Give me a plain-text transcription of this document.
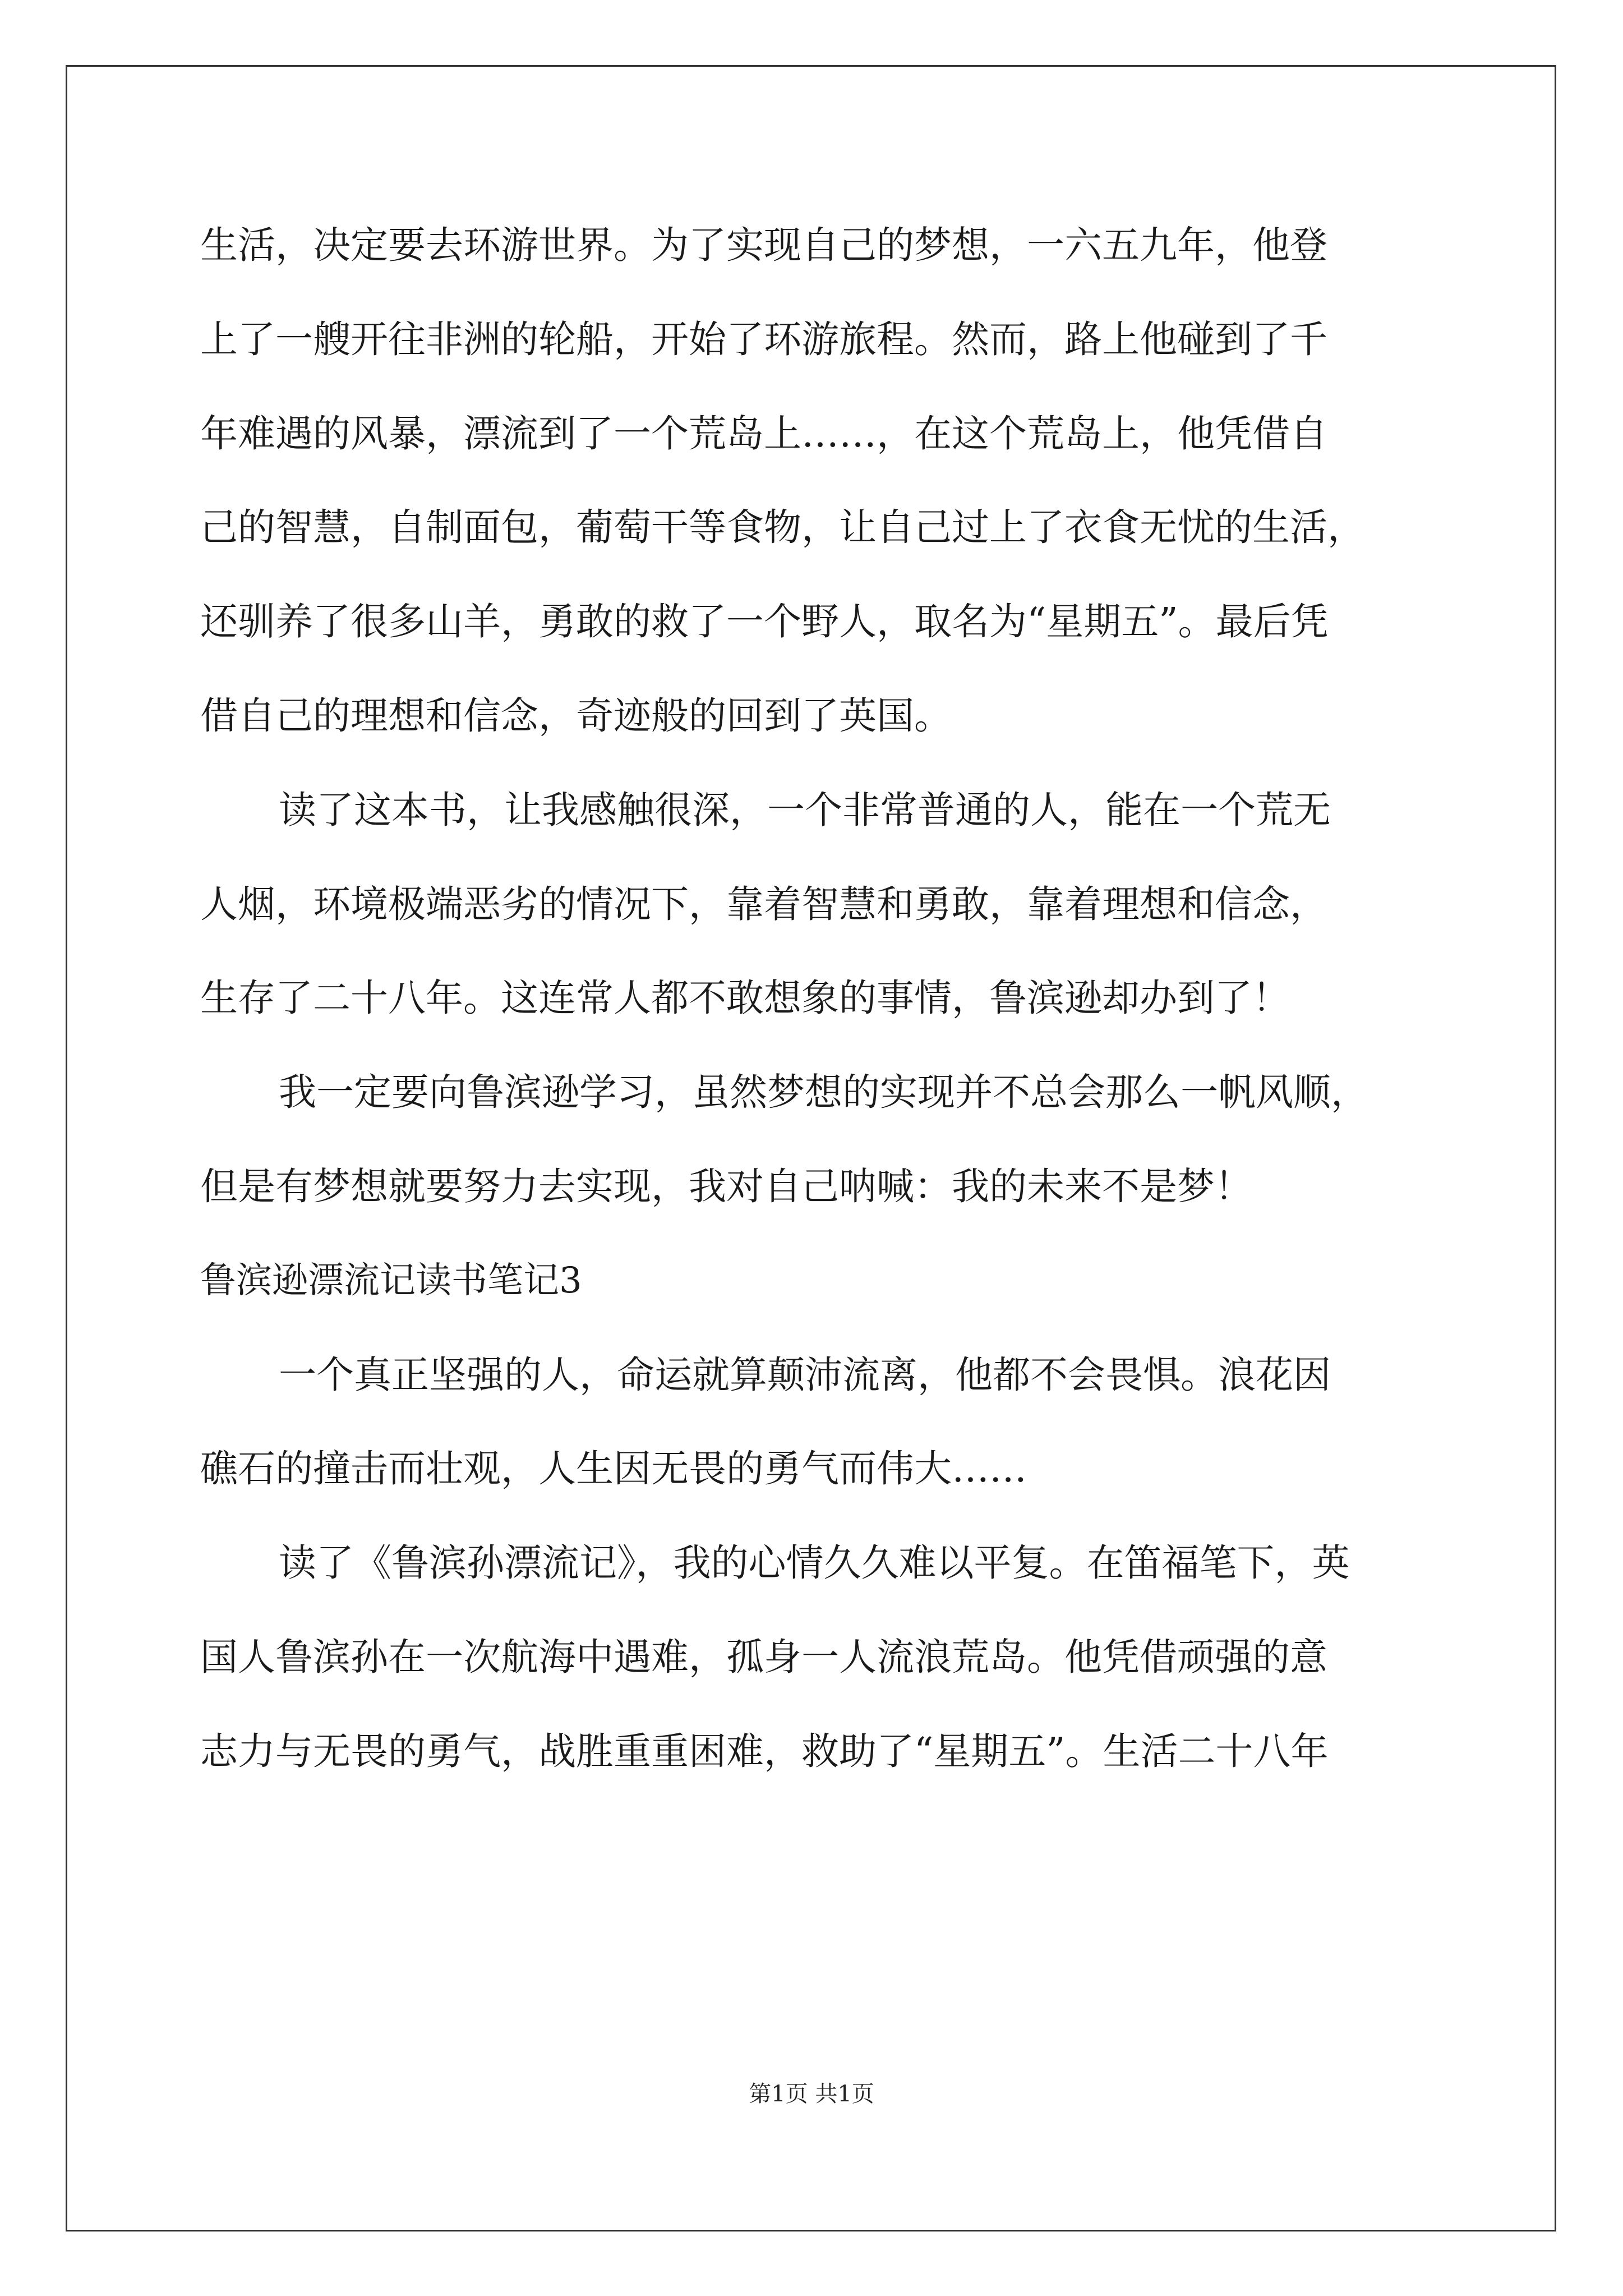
生活，决定要去环游世界。为了实现自己的梦想，一六五九年，他登
上了一艘开往非洲的轮船，开始了环游旅程。然而，路上他碰到了千
年难遇的风暴，漂流到了一个荒岛上……，在这个荒岛上，他凭借自
己的智慧，自制面包，葡萄干等食物，让自己过上了衣食无忧的生活，
还驯养了很多山羊，勇敢的救了一个野人，取名为“星期五”。最后凭
借自己的理想和信念，奇迹般的回到了英国。
读了这本书，让我感触很深，一个非常普通的人，能在一个荒无
人烟，环境极端恶劣的情况下，靠着智慧和勇敢，靠着理想和信念，
生存了二十八年。这连常人都不敢想象的事情，鲁滨逊却办到了！
我一定要向鲁滨逊学习，虽然梦想的实现并不总会那么一帆风顺，
但是有梦想就要努力去实现，我对自己呐喊：我的未来不是梦！
鲁滨逊漂流记读书笔记3
一个真正坚强的人，命运就算颠沛流离，他都不会畏惧。浪花因
礁石的撞击而壮观，人生因无畏的勇气而伟大……
读了《鲁滨孙漂流记》，我的心情久久难以平复。在笛福笔下，英
国人鲁滨孙在一次航海中遇难，孤身一人流浪荒岛。他凭借顽强的意
志力与无畏的勇气，战胜重重困难，救助了“星期五”。生活二十八年
第1页 共1页
